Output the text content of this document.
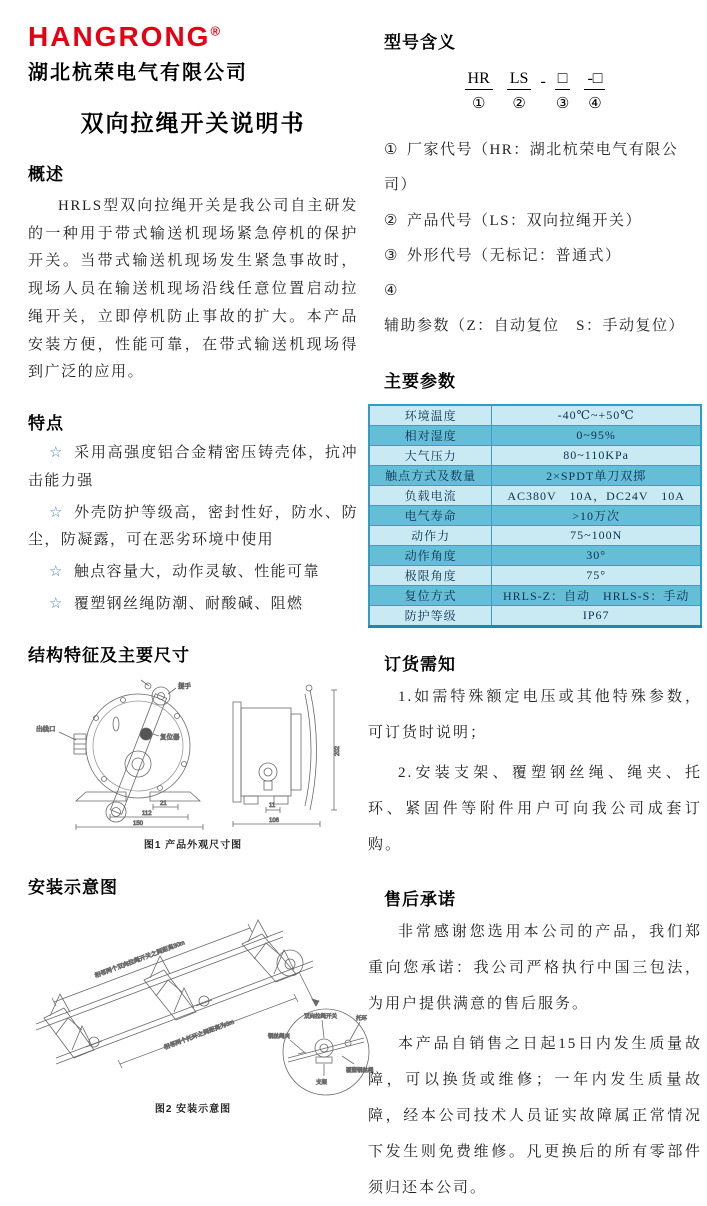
HANGRONG®
湖北杭荣电气有限公司
双向拉绳开关说明书
概述

HRLS型双向拉绳开关是我公司自主研发的一种用于带式输送机现场紧急停机的保护开关。当带式输送机现场发生紧急事故时，现场人员在输送机现场沿线任意位置启动拉绳开关，立即停机防止事故的扩大。本产品安装方便，性能可靠，在带式输送机现场得到广泛的应用。

特点
☆ 采用高强度铝合金精密压铸壳体，抗冲击能力强
☆ 外壳防护等级高，密封性好，防水、防尘，防凝露，可在恶劣环境中使用
☆ 触点容量大，动作灵敏、性能可靠
☆ 覆塑钢丝绳防潮、耐酸碱、阻燃
结构特征及主要尺寸
提手
出线口
复位器
21
112
150
11
106
202
图1 产品外观尺寸图
安装示意图
相邻两个双向拉绳开关之间距离30m
相邻两个托环之间距离为3m
双向拉绳开关	托环
钢丝绳夹
支架
覆塑钢丝绳
图2 安装示意图
型号含义
HR
①
LS
②
- □
③
-□
④
① 厂家代号（HR：湖北杭荣电气有限公司）
② 产品代号（LS：双向拉绳开关）
③ 外形代号（无标记：普通式）
④辅助参数（Z：自动复位　S：手动复位）
主要参数
环境温度	-40℃~+50℃
相对湿度	0~95%
大气压力	80~110KPa
触点方式及数量	2×SPDT单刀双掷
负载电流	AC380V　10A，DC24V　10A
电气寿命	>10万次
动作力	75~100N
动作角度	30°
极限角度	75°
复位方式	HRLS-Z：自动　HRLS-S：手动
防护等级	IP67
订货需知

1.如需特殊额定电压或其他特殊参数，可订货时说明；

2.安装支架、覆塑钢丝绳、绳夹、托环、紧固件等附件用户可向我公司成套订购。

售后承诺

非常感谢您选用本公司的产品，我们郑重向您承诺：我公司严格执行中国三包法，为用户提供满意的售后服务。

本产品自销售之日起15日内发生质量故障，可以换货或维修；一年内发生质量故障，经本公司技术人员证实故障属正常情况下发生则免费维修。凡更换后的所有零部件须归还本公司。
